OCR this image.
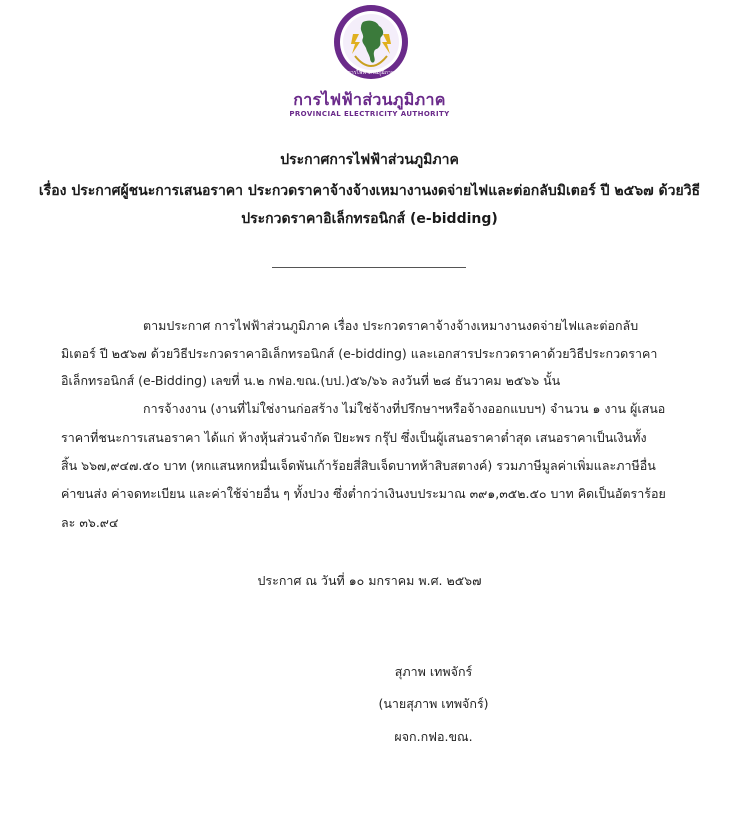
การไฟฟ้าส่วนภูมิภาค
การไฟฟ้าส่วนภูมิภาค
PROVINCIAL ELECTRICITY AUTHORITY
ประกาศการไฟฟ้าส่วนภูมิภาค
เรื่อง ประกาศผู้ชนะการเสนอราคา ประกวดราคาจ้างจ้างเหมางานงดจ่ายไฟและต่อกลับมิเตอร์ ปี ๒๕๖๗ ด้วยวิธี
ประกวดราคาอิเล็กทรอนิกส์ (e-bidding)
ตามประกาศ การไฟฟ้าส่วนภูมิภาค เรื่อง ประกวดราคาจ้างจ้างเหมางานงดจ่ายไฟและต่อกลับ
มิเตอร์ ปี ๒๕๖๗ ด้วยวิธีประกวดราคาอิเล็กทรอนิกส์ (e-bidding) และเอกสารประกวดราคาด้วยวิธีประกวดราคา
อิเล็กทรอนิกส์ (e-Bidding) เลขที่ น.๒ กฟอ.ขณ.(บป.)๕๖/๖๖ ลงวันที่ ๒๘ ธันวาคม ๒๕๖๖ นั้น
การจ้างงาน (งานที่ไม่ใช่งานก่อสร้าง ไม่ใช่จ้างที่ปรึกษาฯหรือจ้างออกแบบฯ) จำนวน ๑ งาน ผู้เสนอ
ราคาที่ชนะการเสนอราคา ได้แก่ ห้างหุ้นส่วนจำกัด ปิยะพร กรุ๊ป ซึ่งเป็นผู้เสนอราคาต่ำสุด เสนอราคาเป็นเงินทั้ง
สิ้น ๖๖๗,๙๔๗.๕๐ บาท (หกแสนหกหมื่นเจ็ดพันเก้าร้อยสี่สิบเจ็ดบาทห้าสิบสตางค์) รวมภาษีมูลค่าเพิ่มและภาษีอื่น
ค่าขนส่ง ค่าจดทะเบียน และค่าใช้จ่ายอื่น ๆ ทั้งปวง ซึ่งต่ำกว่าเงินงบประมาณ ๓๙๑,๓๕๒.๕๐ บาท คิดเป็นอัตราร้อย
ละ ๓๖.๙๔
ประกาศ ณ วันที่ ๑๐ มกราคม พ.ศ. ๒๕๖๗
สุภาพ เทพจักร์
(นายสุภาพ เทพจักร์)
ผจก.กฟอ.ขณ.
